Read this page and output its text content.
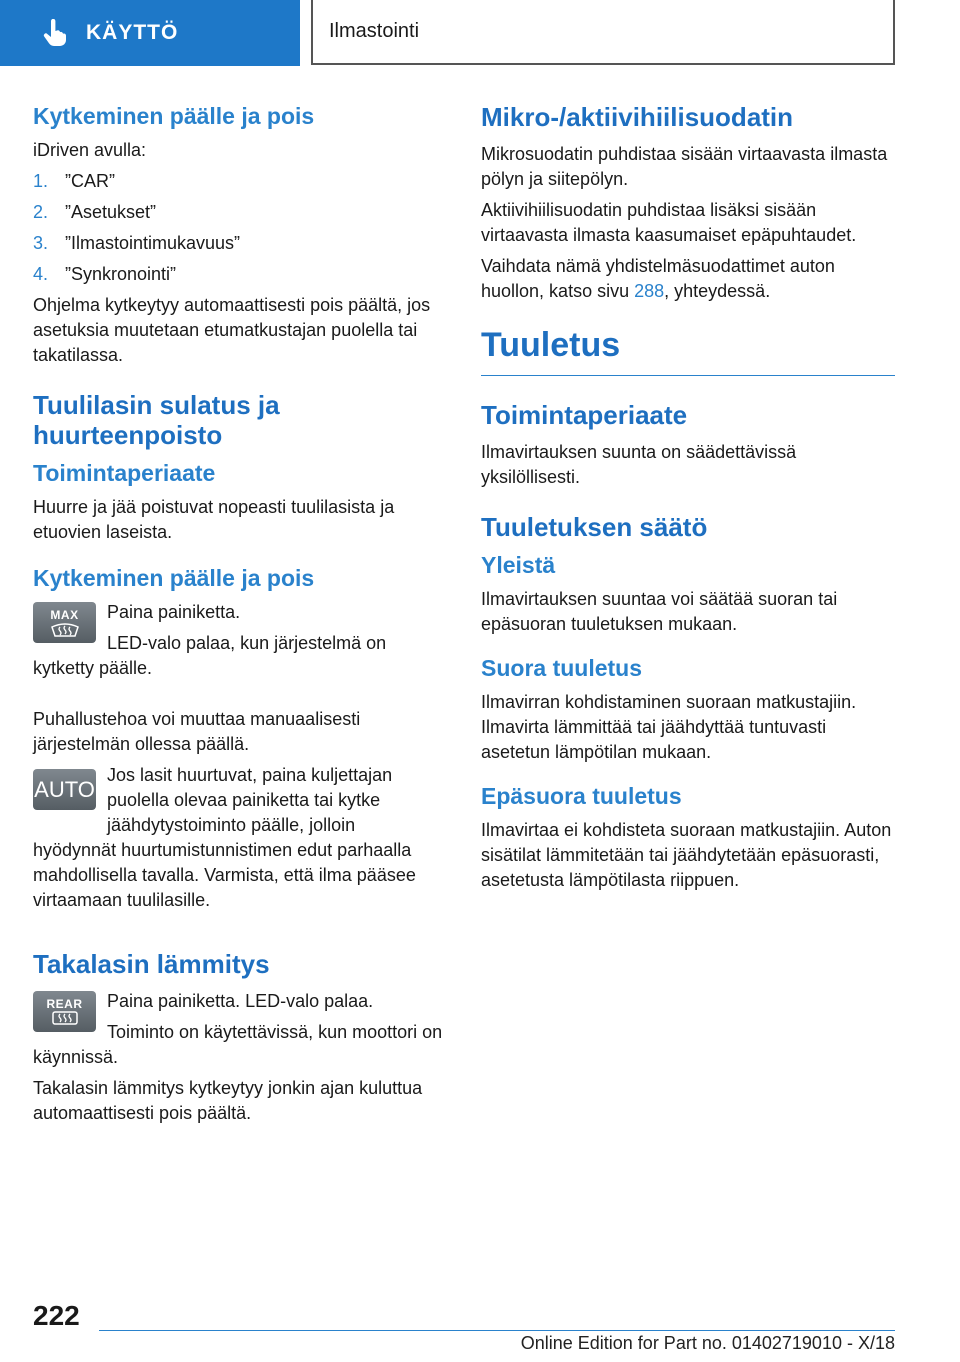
KÄYTTÖ	Ilmastointi
Kytkeminen päälle ja pois

iDriven avulla:

1. ”CAR”
2. ”Asetukset”
3. ”Ilmastointimukavuus”
4. ”Synkronointi”

Ohjelma kytkeytyy automaattisesti pois päältä, jos asetuksia muutetaan etumatkustajan puolella tai takatilassa.

Tuulilasin sulatus ja huurteenpoisto
Toimintaperiaate

Huurre ja jää poistuvat nopeasti tuulilasista ja etuovien laseista.

Kytkeminen päälle ja pois
MAX	Paina painiketta.

LED-valo palaa, kun järjestelmä on kytketty päälle.

Puhallustehoa voi muuttaa manuaalisesti järjestelmän ollessa päällä.

AUTO

Jos lasit huurtuvat, paina kuljettajan puolella olevaa painiketta tai kytke jäähdytystoiminto päälle, jolloin hyödynnät huurtumistunnistimen edut parhaalla mahdollisella tavalla. Varmista, että ilma pääsee virtaamaan tuulilasille.

Takalasin lämmitys
REAR	Paina painiketta. LED-valo palaa.

Toiminto on käytettävissä, kun moottori on käynnissä.

Takalasin lämmitys kytkeytyy jonkin ajan kuluttua automaattisesti pois päältä.

Mikro-/aktiivihiilisuodatin

Mikrosuodatin puhdistaa sisään virtaavasta ilmasta pölyn ja siitepölyn.

Aktiivihiilisuodatin puhdistaa lisäksi sisään virtaavasta ilmasta kaasumaiset epäpuhtaudet.

Vaihdata nämä yhdistelmäsuodattimet auton huollon, katso sivu 288, yhteydessä.

Tuuletus
Toimintaperiaate

Ilmavirtauksen suunta on säädettävissä yksilöllisesti.

Tuuletuksen säätö
Yleistä

Ilmavirtauksen suuntaa voi säätää suoran tai epäsuoran tuuletuksen mukaan.

Suora tuuletus

Ilmavirran kohdistaminen suoraan matkustajiin. Ilmavirta lämmittää tai jäähdyttää tuntuvasti asetetun lämpötilan mukaan.

Epäsuora tuuletus

Ilmavirtaa ei kohdisteta suoraan matkustajiin. Auton sisätilat lämmitetään tai jäähdytetään epäsuorasti, asetetusta lämpötilasta riippuen.

222
Online Edition for Part no. 01402719010 - X/18
